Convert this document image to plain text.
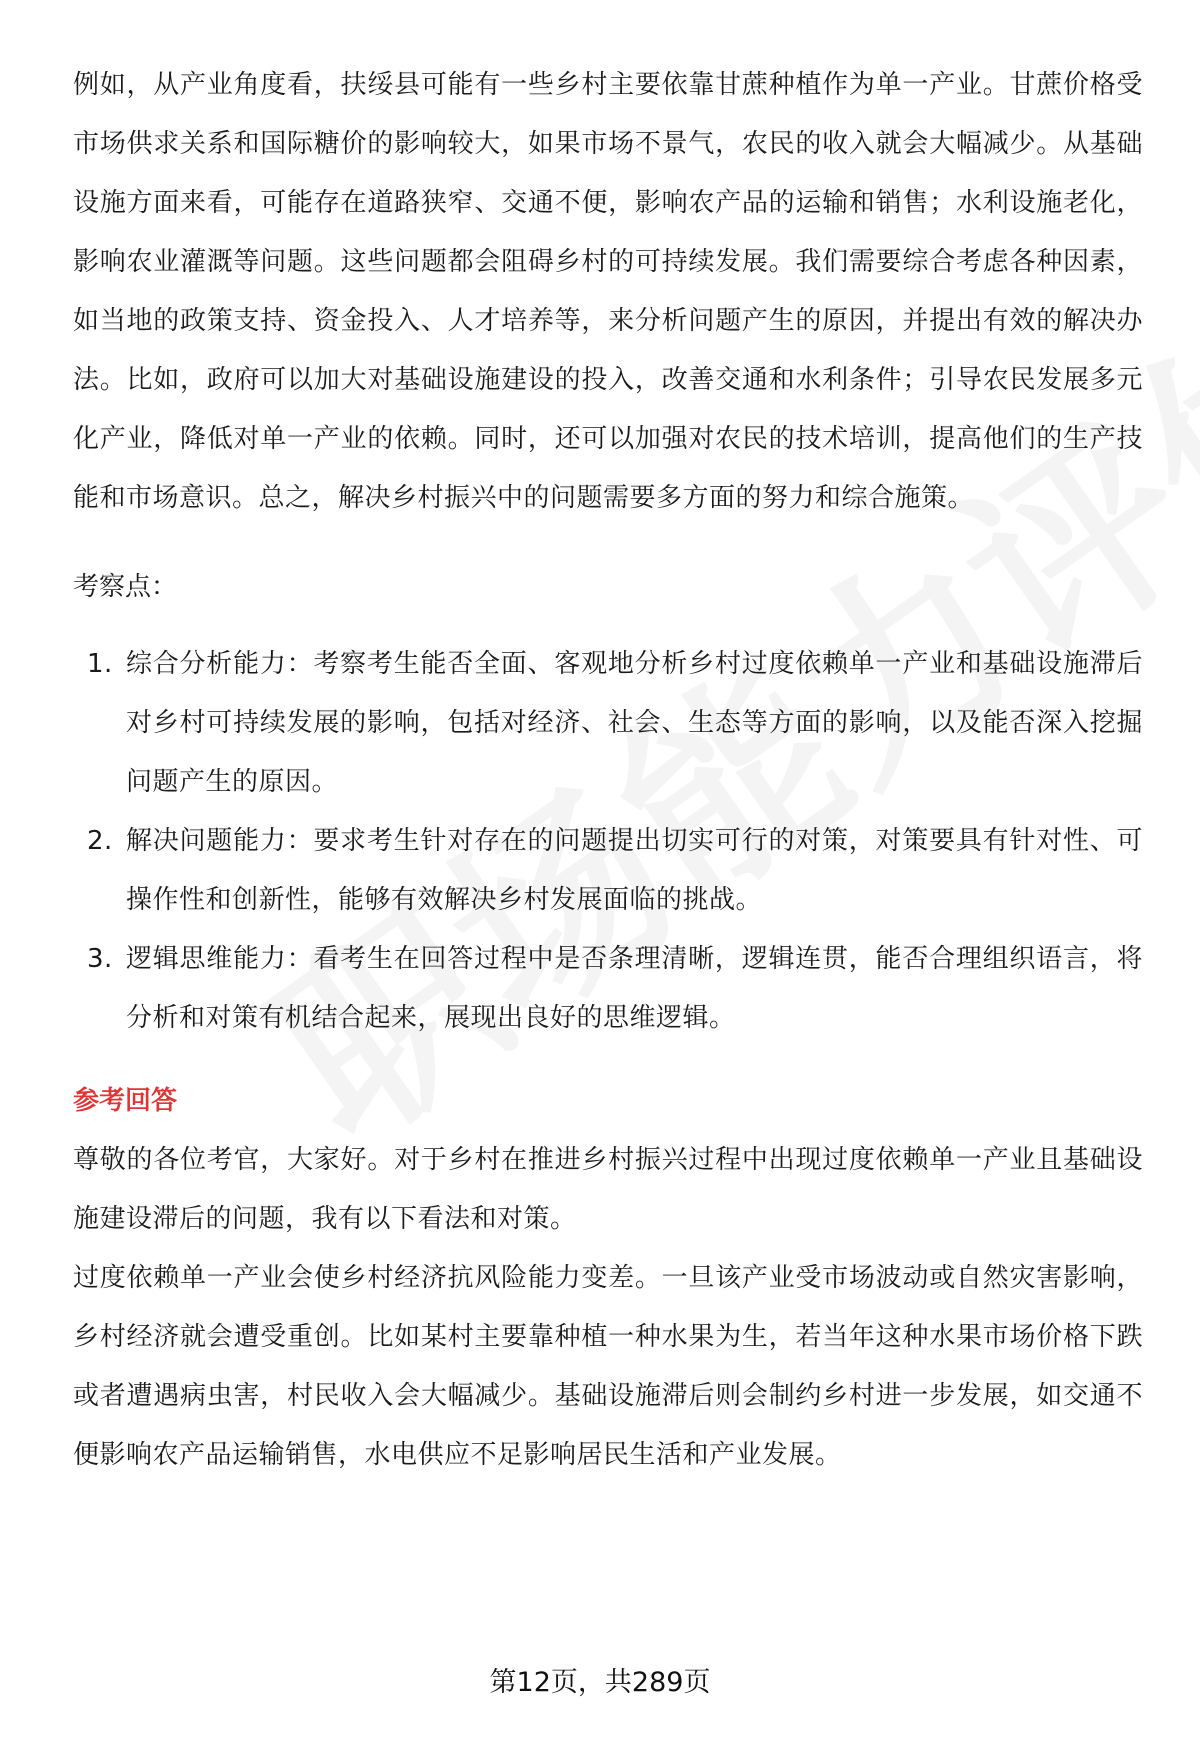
例如，从产业角度看，扶绥县可能有一些乡村主要依靠甘蔗种植作为单一产业。甘蔗价格受市场供求关系和国际糖价的影响较大，如果市场不景气，农民的收入就会大幅减少。从基础设施方面来看，可能存在道路狭窄、交通不便，影响农产品的运输和销售；水利设施老化，影响农业灌溉等问题。这些问题都会阻碍乡村的可持续发展。我们需要综合考虑各种因素，如当地的政策支持、资金投入、人才培养等，来分析问题产生的原因，并提出有效的解决办法。比如，政府可以加大对基础设施建设的投入，改善交通和水利条件；引导农民发展多元化产业，降低对单一产业的依赖。同时，还可以加强对农民的技术培训，提高他们的生产技能和市场意识。总之，解决乡村振兴中的问题需要多方面的努力和综合施策。

考察点：

1. 综合分析能力：考察考生能否全面、客观地分析乡村过度依赖单一产业和基础设施滞后对乡村可持续发展的影响，包括对经济、社会、生态等方面的影响，以及能否深入挖掘问题产生的原因。
2. 解决问题能力：要求考生针对存在的问题提出切实可行的对策，对策要具有针对性、可操作性和创新性，能够有效解决乡村发展面临的挑战。
3. 逻辑思维能力：看考生在回答过程中是否条理清晰，逻辑连贯，能否合理组织语言，将分析和对策有机结合起来，展现出良好的思维逻辑。

参考回答

尊敬的各位考官，大家好。对于乡村在推进乡村振兴过程中出现过度依赖单一产业且基础设施建设滞后的问题，我有以下看法和对策。

过度依赖单一产业会使乡村经济抗风险能力变差。一旦该产业受市场波动或自然灾害影响，乡村经济就会遭受重创。比如某村主要靠种植一种水果为生，若当年这种水果市场价格下跌或者遭遇病虫害，村民收入会大幅减少。基础设施滞后则会制约乡村进一步发展，如交通不便影响农产品运输销售，水电供应不足影响居民生活和产业发展。

第12页，共289页
